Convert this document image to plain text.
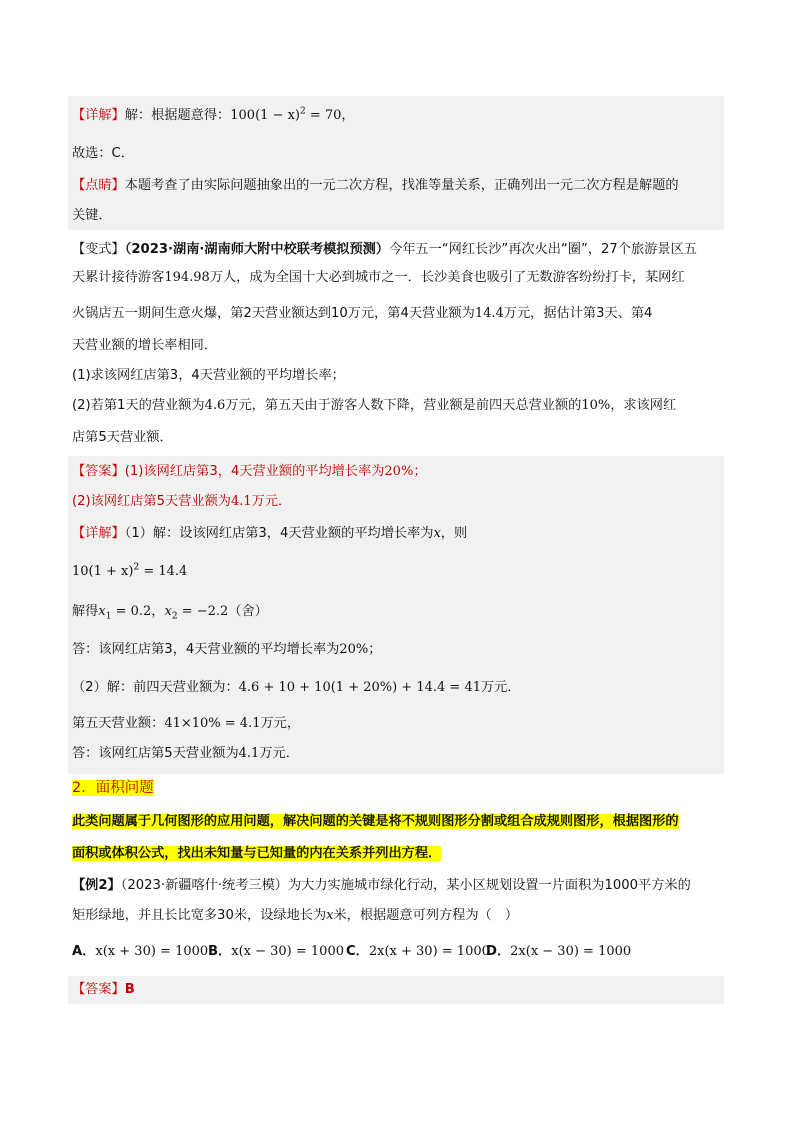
【详解】解：根据题意得：$100(1 - x)^2 = 70$，
故选：C．
【点睛】本题考查了由实际问题抽象出的一元二次方程，找准等量关系，正确列出一元二次方程是解题的
关键．
【变式】（2023·湖南·湖南师大附中校联考模拟预测）今年五一“网红长沙”再次火出“圈”，27个旅游景区五
天累计接待游客194.98万人，成为全国十大必到城市之一．长沙美食也吸引了无数游客纷纷打卡，某网红
火锅店五一期间生意火爆，第2天营业额达到10万元，第4天营业额为14.4万元，据估计第3天、第4
天营业额的增长率相同．
(1)求该网红店第3，4天营业额的平均增长率；
(2)若第1天的营业额为4.6万元，第五天由于游客人数下降，营业额是前四天总营业额的10%，求该网红
店第5天营业额．
【答案】(1)该网红店第3，4天营业额的平均增长率为20%；
(2)该网红店第5天营业额为4.1万元．
【详解】（1）解：设该网红店第3，4天营业额的平均增长率为x，则
$10(1 + x)^2 = 14.4$
解得$x_1 = 0.2$，$x_2 = -2.2$（舍）
答：该网红店第3，4天营业额的平均增长率为20%；
（2）解：前四天营业额为：4.6 + 10 + 10(1 + 20%) + 14.4 = 41万元．
第五天营业额：41×10% = 4.1万元，
答：该网红店第5天营业额为4.1万元．
2．面积问题
此类问题属于几何图形的应用问题，解决问题的关键是将不规则图形分割或组合成规则图形，根据图形的
面积或体积公式，找出未知量与已知量的内在关系并列出方程．
【例2】（2023·新疆喀什·统考三模）为大力实施城市绿化行动，某小区规划设置一片面积为1000平方米的
矩形绿地，并且长比宽多30米，设绿地长为x米，根据题意可列方程为（　）
A．x(x + 30) = 1000B．x(x − 30) = 1000 C．2x(x + 30) = 1000D．2x(x − 30) = 1000
【答案】B
